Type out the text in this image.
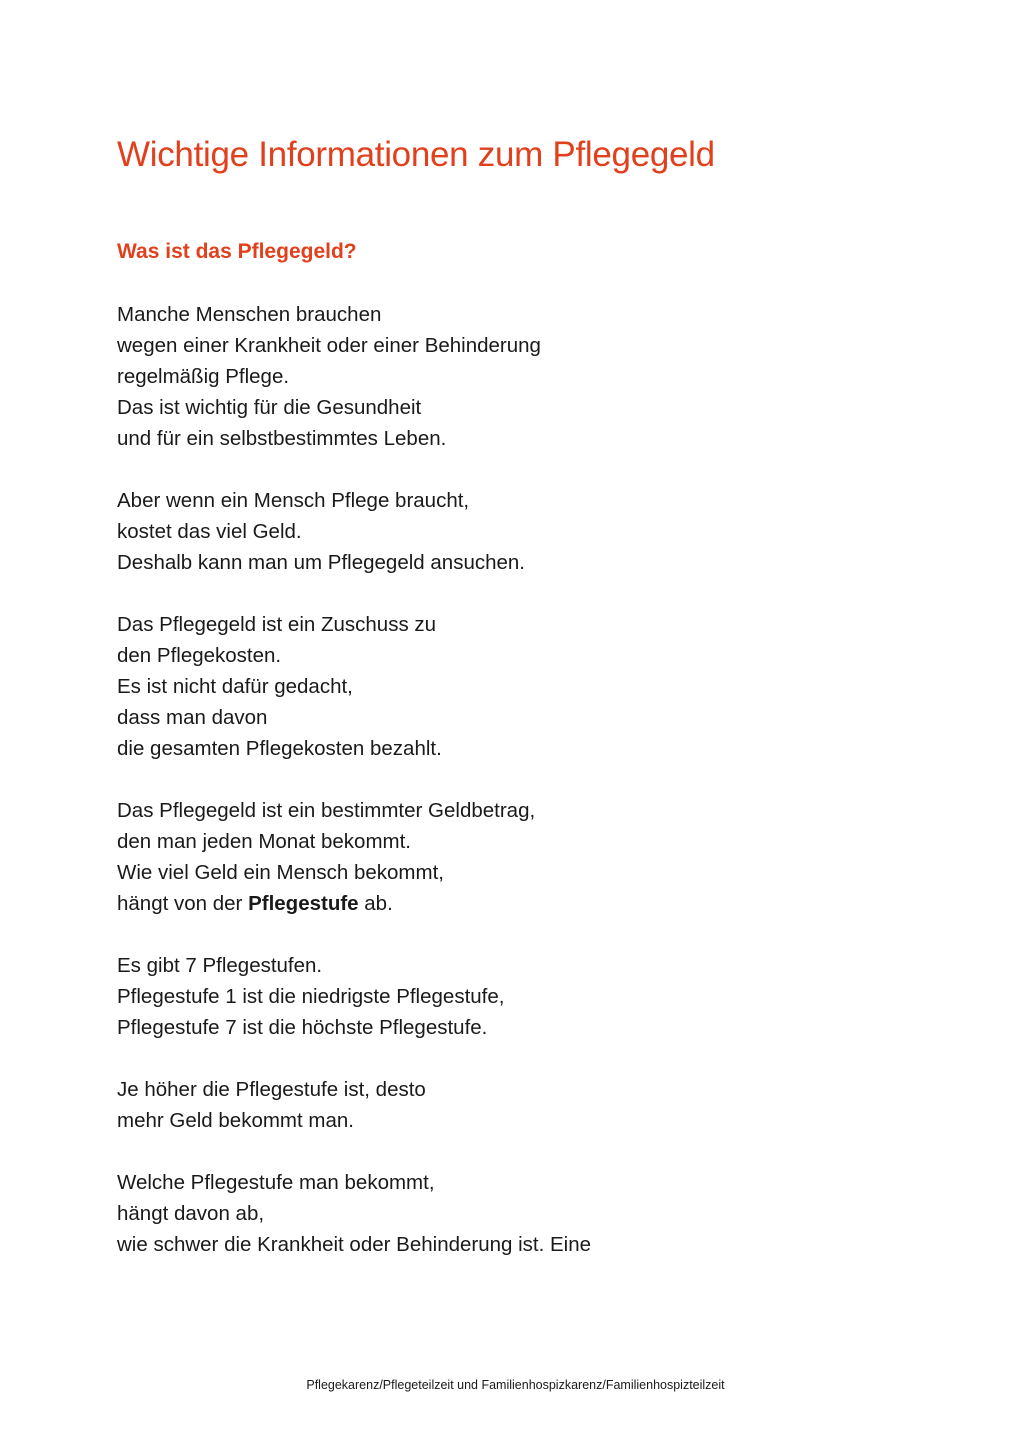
Wichtige Informationen zum Pflegegeld
Was ist das Pflegegeld?

Manche Menschen brauchen
wegen einer Krankheit oder einer Behinderung
regelmäßig Pflege.
Das ist wichtig für die Gesundheit
und für ein selbstbestimmtes Leben.

Aber wenn ein Mensch Pflege braucht,
kostet das viel Geld.
Deshalb kann man um Pflegegeld ansuchen.

Das Pflegegeld ist ein Zuschuss zu
den Pflegekosten.
Es ist nicht dafür gedacht,
dass man davon
die gesamten Pflegekosten bezahlt.

Das Pflegegeld ist ein bestimmter Geldbetrag,
den man jeden Monat bekommt.
Wie viel Geld ein Mensch bekommt,
hängt von der Pflegestufe ab.

Es gibt 7 Pflegestufen.
Pflegestufe 1 ist die niedrigste Pflegestufe,
Pflegestufe 7 ist die höchste Pflegestufe.

Je höher die Pflegestufe ist, desto
mehr Geld bekommt man.

Welche Pflegestufe man bekommt,
hängt davon ab,
wie schwer die Krankheit oder Behinderung ist. Eine

Pflegekarenz/Pflegeteilzeit und Familienhospizkarenz/Familienhospizteilzeit
